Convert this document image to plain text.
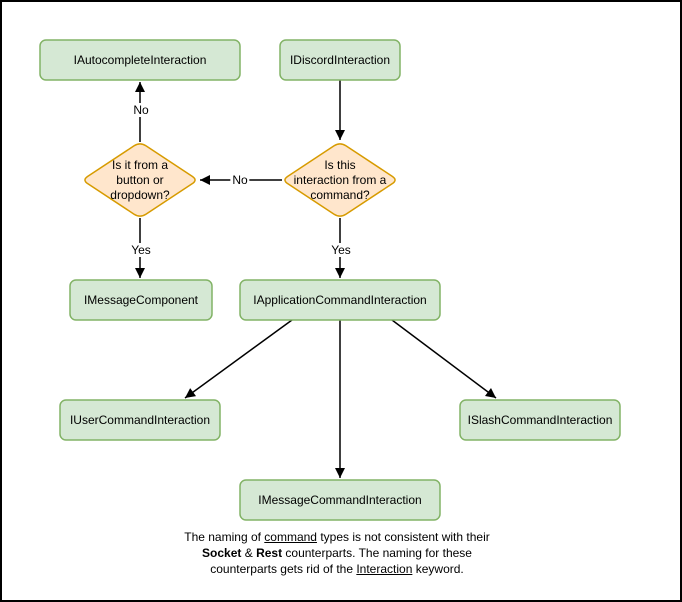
IAutocompleteInteraction	IDiscordInteraction
Is it from a
button or
dropdown?
Is this
interaction from a
command?
IMessageComponent	IApplicationCommandInteraction
IUserCommandInteraction	ISlashCommandInteraction
IMessageCommandInteraction
No
No
Yes	Yes
The naming of command types is not consistent with their
Socket & Rest counterparts. The naming for these
counterparts gets rid of the Interaction keyword.
